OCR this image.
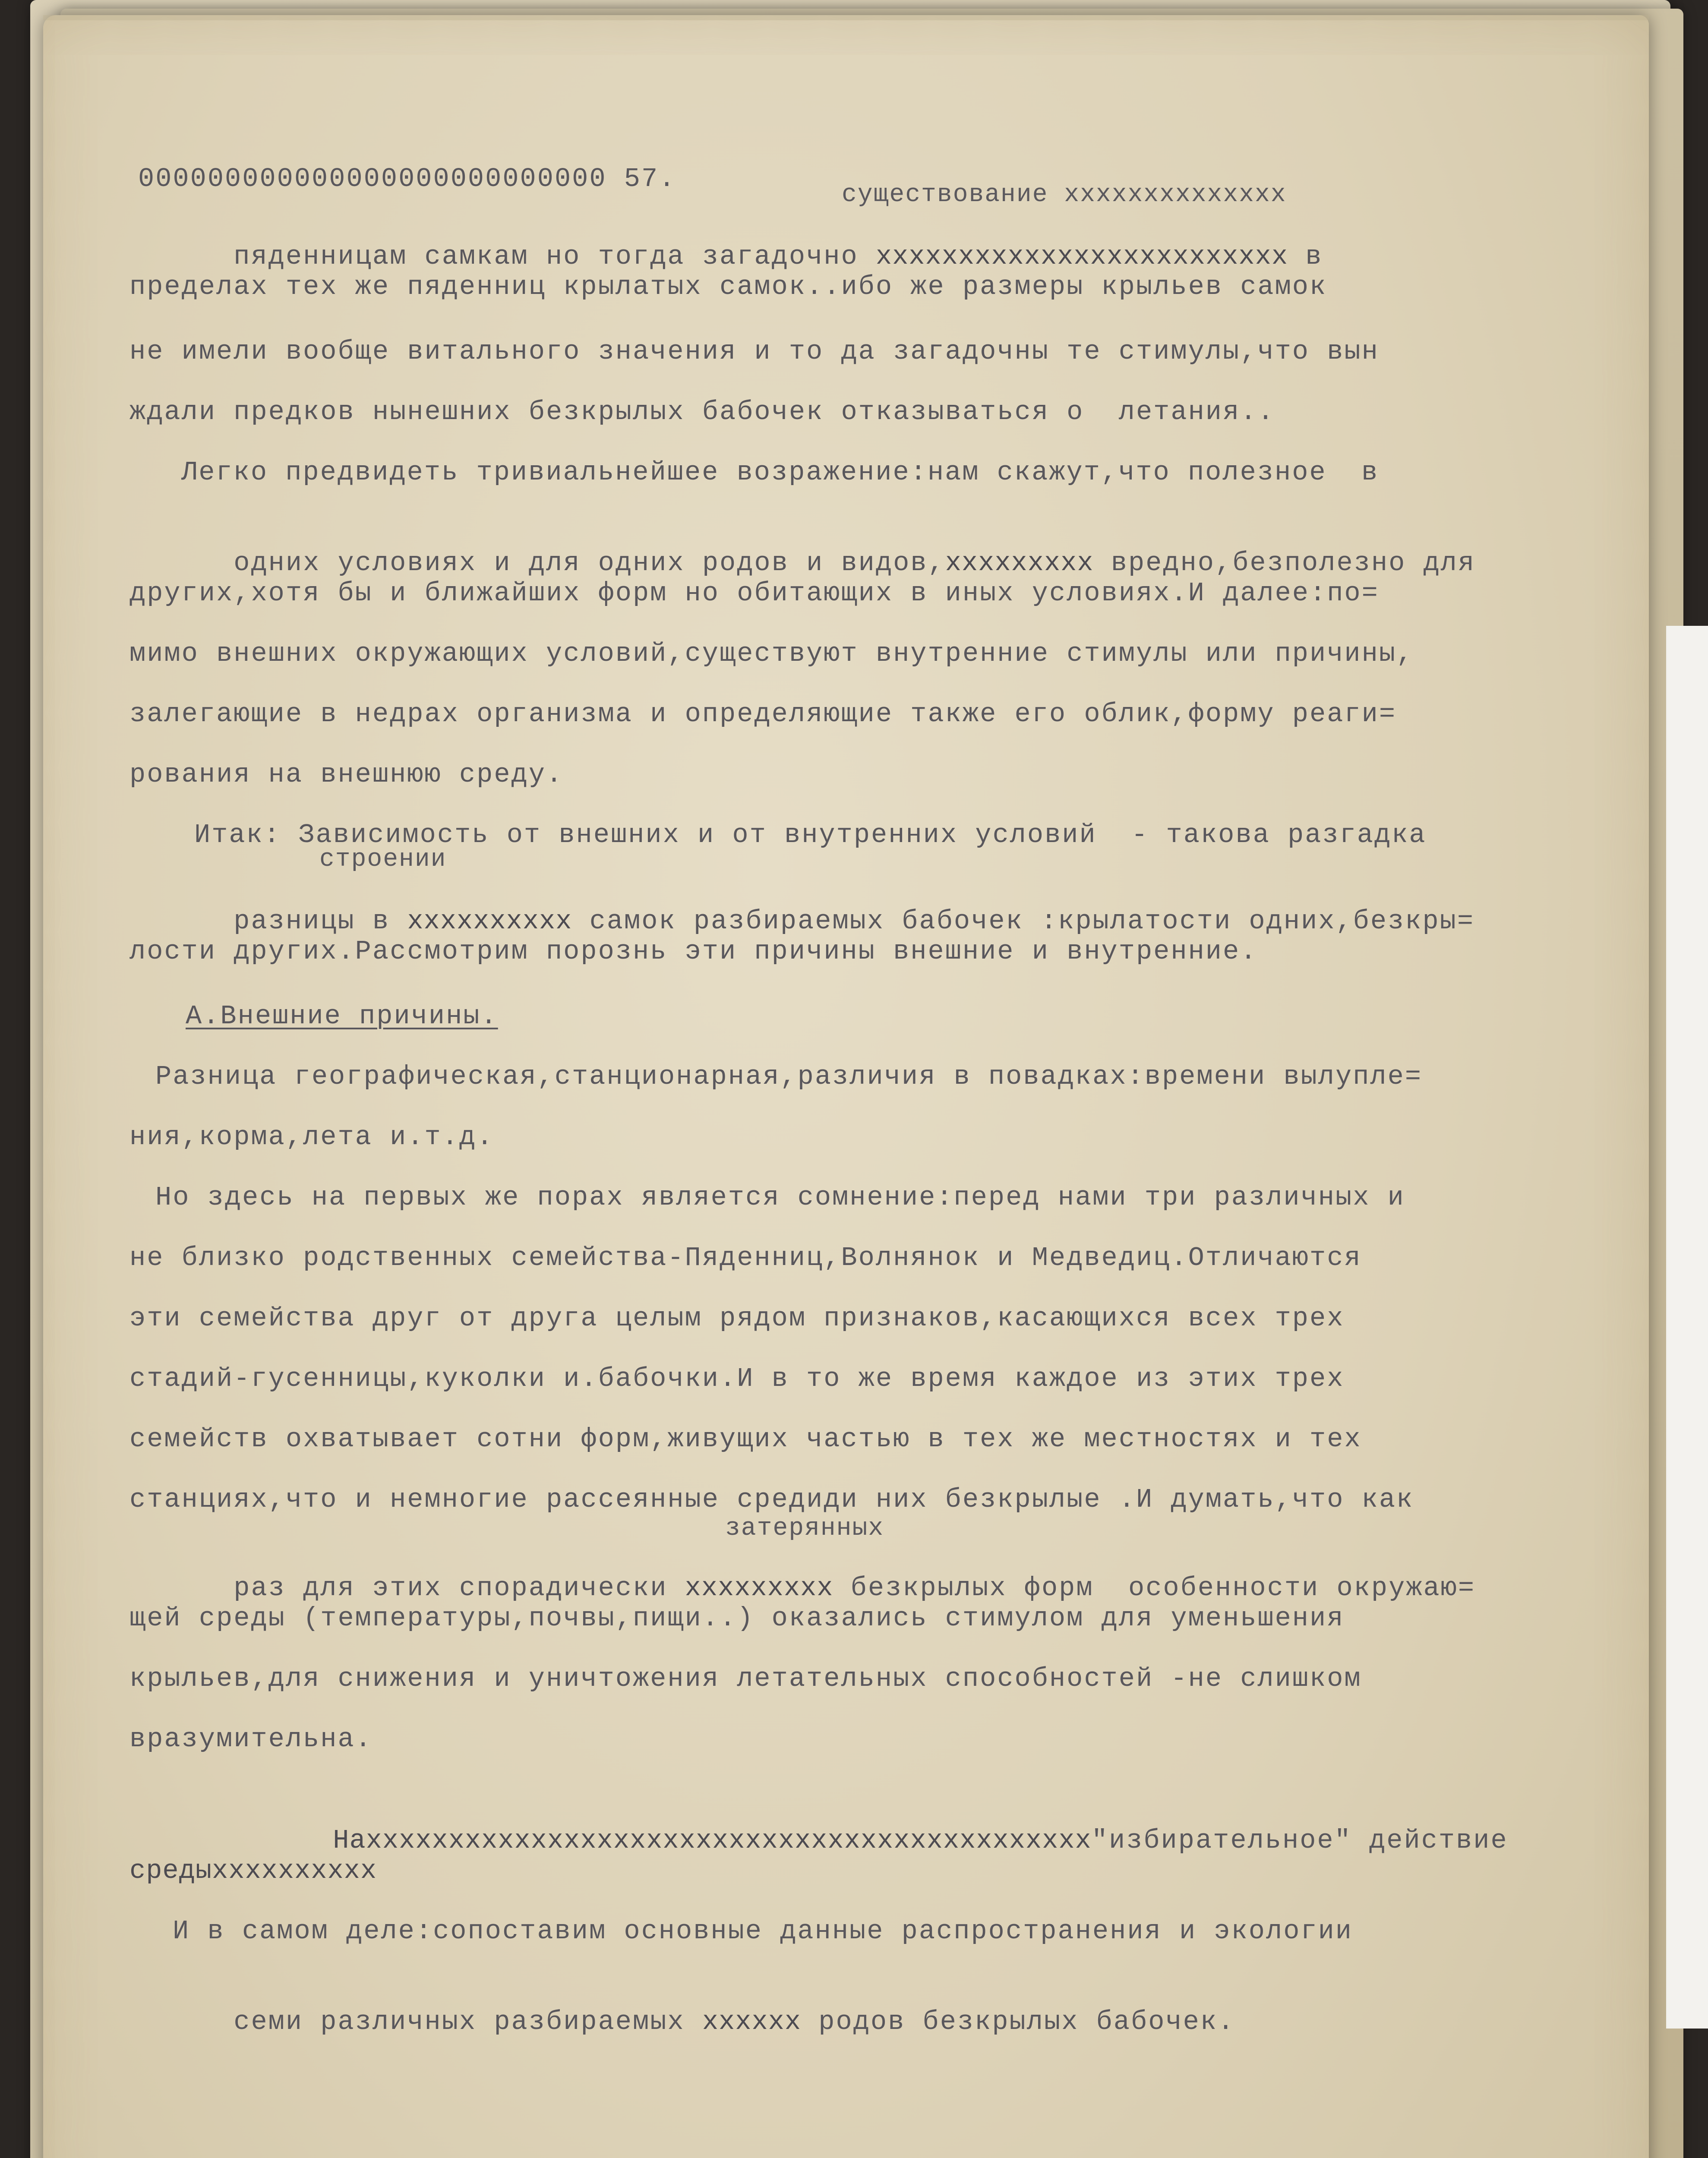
000000000000000000000000000 57.
существование хххххххххххххх

пяденницам самкам но тогда загадочно ххххххххххххххххххххххххх в

пределах тех же пяденниц крылатых самок..ибо же размеры крыльев самок
не имели вообще витального значения и то да загадочны те стимулы,что вын
ждали предков нынешних безкрылых бабочек отказываться о  летания..
Легко предвидеть тривиальнейшее возражение:нам скажут,что полезное  в

одних условиях и для одних родов и видов,ххххххххх вредно,безполезно для

других,хотя бы и ближайших форм но обитающих в иных условиях.И далее:по=
мимо внешних окружающих условий,существуют внутренние стимулы или причины,
залегающие в недрах организма и определяющие также его облик,форму реаги=
рования на внешнюю среду.
Итак: Зависимость от внешних и от внутренних условий  - такова разгадка
строении

разницы в хххххххххх самок разбираемых бабочек :крылатости одних,безкры=

лости других.Рассмотрим порознь эти причины внешние и внутренние.
А.Внешние причины.
Разница географическая,станционарная,различия в повадках:времени вылупле=
ния,корма,лета и.т.д.
Но здесь на первых же порах является сомнение:перед нами три различных и
не близко родственных семейства-Пяденниц,Волнянок и Медведиц.Отличаются
эти семейства друг от друга целым рядом признаков,касающихся всех трех
стадий-гусенницы,куколки и.бабочки.И в то же время каждое из этих трех
семейств охватывает сотни форм,живущих частью в тех же местностях и тех
станциях,что и немногие рассеянные средиди них безкрылые .И думать,что как
затерянных

раз для этих спорадически ххххххххх безкрылых форм  особенности окружаю=

щей среды (температуры,почвы,пищи..) оказались стимулом для уменьшения
крыльев,для снижения и уничтожения летательных способностей -не слишком
вразумительна.

Нахххххххххххххххххххххххххххххххххххххххххххх"избирательное" действие

средыхххххххххх
И в самом деле:сопоставим основные данные распространения и экологии

семи различных разбираемых хххххх родов безкрылых бабочек.
